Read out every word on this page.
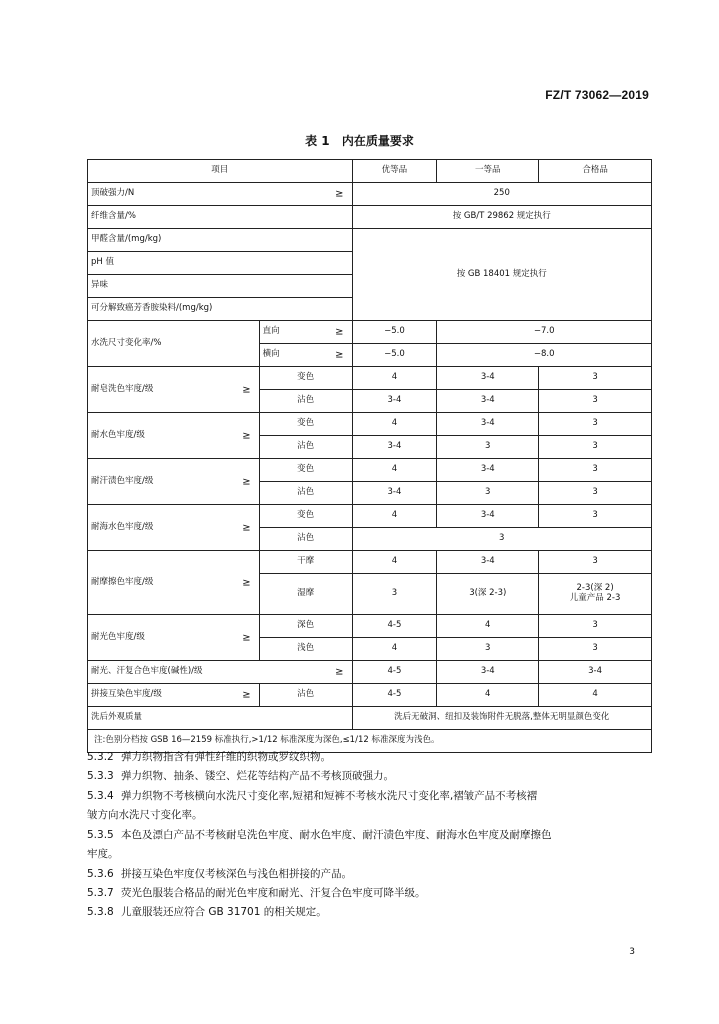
FZ/T 73062—2019
表 1 内在质量要求
项目		优等品	一等品	合格品
顶破强力/N ≥		250		
纤维含量/%		按 GB/T 29862 规定执行		
甲醛含量/(mg/kg)		按 GB 18401 规定执行		
pH 值				
异味				
可分解致癌芳香胺染料/(mg/kg)				
水洗尺寸变化率/%	直向 ≥	−5.0	−7.0	
	横向 ≥	−5.0	−8.0	
耐皂洗色牢度/级 ≥	变色	4	3-4	3
	沾色	3-4	3-4	3
耐水色牢度/级 ≥	变色	4	3-4	3
	沾色	3-4	3	3
耐汗渍色牢度/级 ≥	变色	4	3-4	3
	沾色	3-4	3	3
耐海水色牢度/级 ≥	变色	4	3-4	3
	沾色	3		
耐摩擦色牢度/级 ≥	干摩	4	3-4	3
	湿摩	3	3(深 2-3)	2-3(深 2)
儿童产品 2-3

耐光色牢度/级 ≥	深色	4-5	4	3
	浅色	4	3	3
耐光、汗复合色牢度(碱性)/级 ≥		4-5	3-4	3-4
拼接互染色牢度/级 ≥	沾色	4-5	4	4
洗后外观质量		洗后无破洞、纽扣及装饰附件无脱落,整体无明显颜色变化		
注:色别分档按 GSB 16—2159 标准执行,>1/12 标准深度为深色,≤1/12 标准深度为浅色。				

5.3.2 弹力织物指含有弹性纤维的织物或罗纹织物。

5.3.3 弹力织物、抽条、镂空、烂花等结构产品不考核顶破强力。

5.3.4 弹力织物不考核横向水洗尺寸变化率,短裙和短裤不考核水洗尺寸变化率,褶皱产品不考核褶

皱方向水洗尺寸变化率。

5.3.5 本色及漂白产品不考核耐皂洗色牢度、耐水色牢度、耐汗渍色牢度、耐海水色牢度及耐摩擦色

牢度。

5.3.6 拼接互染色牢度仅考核深色与浅色相拼接的产品。

5.3.7 荧光色服装合格品的耐光色牢度和耐光、汗复合色牢度可降半级。

5.3.8 儿童服装还应符合 GB 31701 的相关规定。

3
